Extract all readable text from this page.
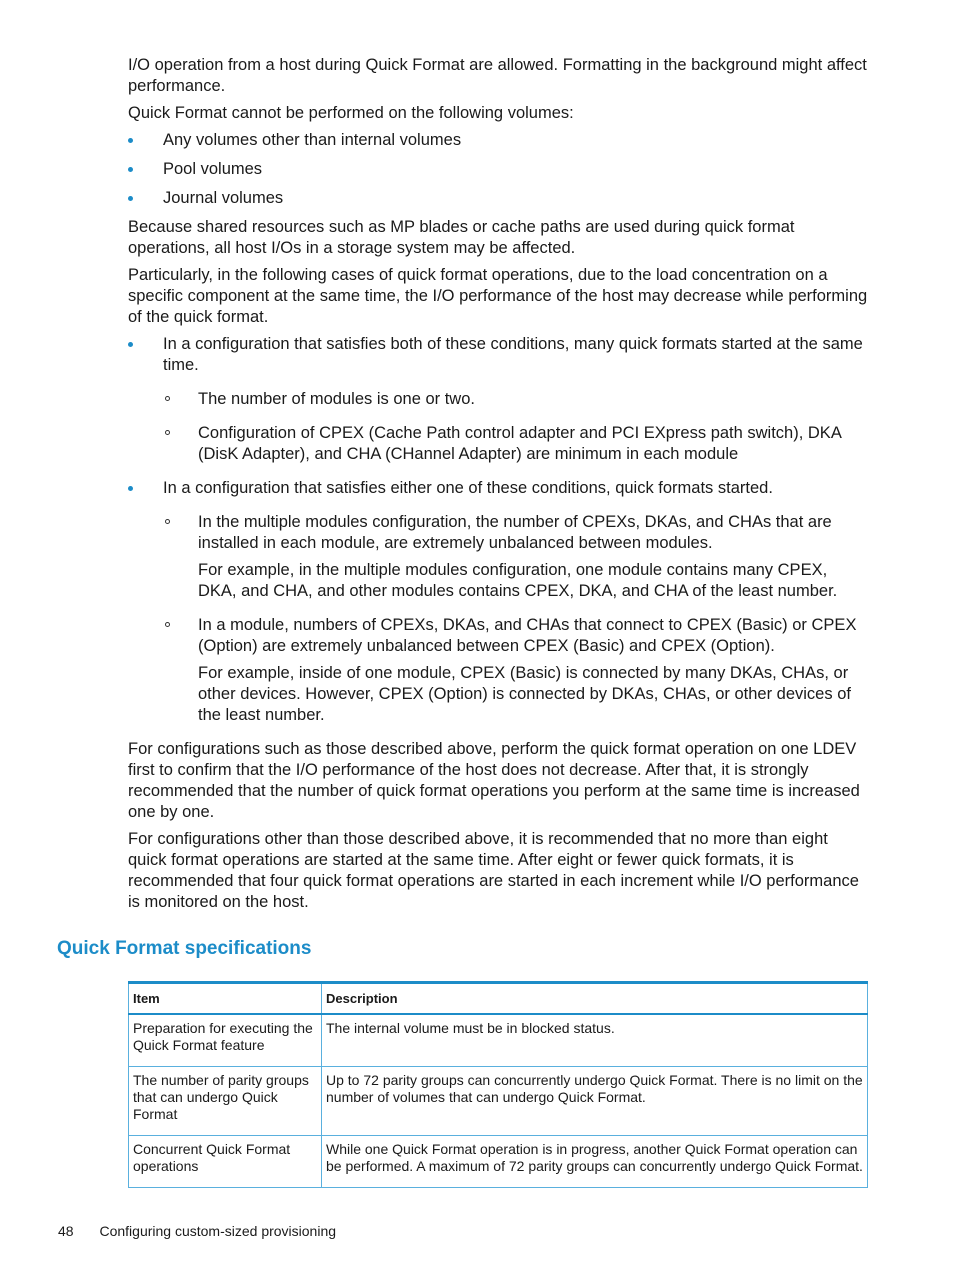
I/O operation from a host during Quick Format are allowed. Formatting in the background might affect performance.

Quick Format cannot be performed on the following volumes:

Any volumes other than internal volumes
Pool volumes
Journal volumes

Because shared resources such as MP blades or cache paths are used during quick format operations, all host I/Os in a storage system may be affected.

Particularly, in the following cases of quick format operations, due to the load concentration on a specific component at the same time, the I/O performance of the host may decrease while performing of the quick format.

In a configuration that satisfies both of these conditions, many quick formats started at the same time.
The number of modules is one or two.
Configuration of CPEX (Cache Path control adapter and PCI EXpress path switch), DKA (DisK Adapter), and CHA (CHannel Adapter) are minimum in each module
In a configuration that satisfies either one of these conditions, quick formats started.

In the multiple modules configuration, the number of CPEXs, DKAs, and CHAs that are installed in each module, are extremely unbalanced between modules.

For example, in the multiple modules configuration, one module contains many CPEX, DKA, and CHA, and other modules contains CPEX, DKA, and CHA of the least number.

In a module, numbers of CPEXs, DKAs, and CHAs that connect to CPEX (Basic) or CPEX (Option) are extremely unbalanced between CPEX (Basic) and CPEX (Option).

For example, inside of one module, CPEX (Basic) is connected by many DKAs, CHAs, or other devices. However, CPEX (Option) is connected by DKAs, CHAs, or other devices of the least number.

For configurations such as those described above, perform the quick format operation on one LDEV first to confirm that the I/O performance of the host does not decrease. After that, it is strongly recommended that the number of quick format operations you perform at the same time is increased one by one.

For configurations other than those described above, it is recommended that no more than eight quick format operations are started at the same time. After eight or fewer quick formats, it is recommended that four quick format operations are started in each increment while I/O performance is monitored on the host.

Quick Format specifications
Item	Description
Preparation for executing the Quick Format feature	The internal volume must be in blocked status.
The number of parity groups that can undergo Quick Format	Up to 72 parity groups can concurrently undergo Quick Format. There is no limit on the number of volumes that can undergo Quick Format.
Concurrent Quick Format operations	While one Quick Format operation is in progress, another Quick Format operation can be performed. A maximum of 72 parity groups can concurrently undergo Quick Format.
48 Configuring custom-sized provisioning
